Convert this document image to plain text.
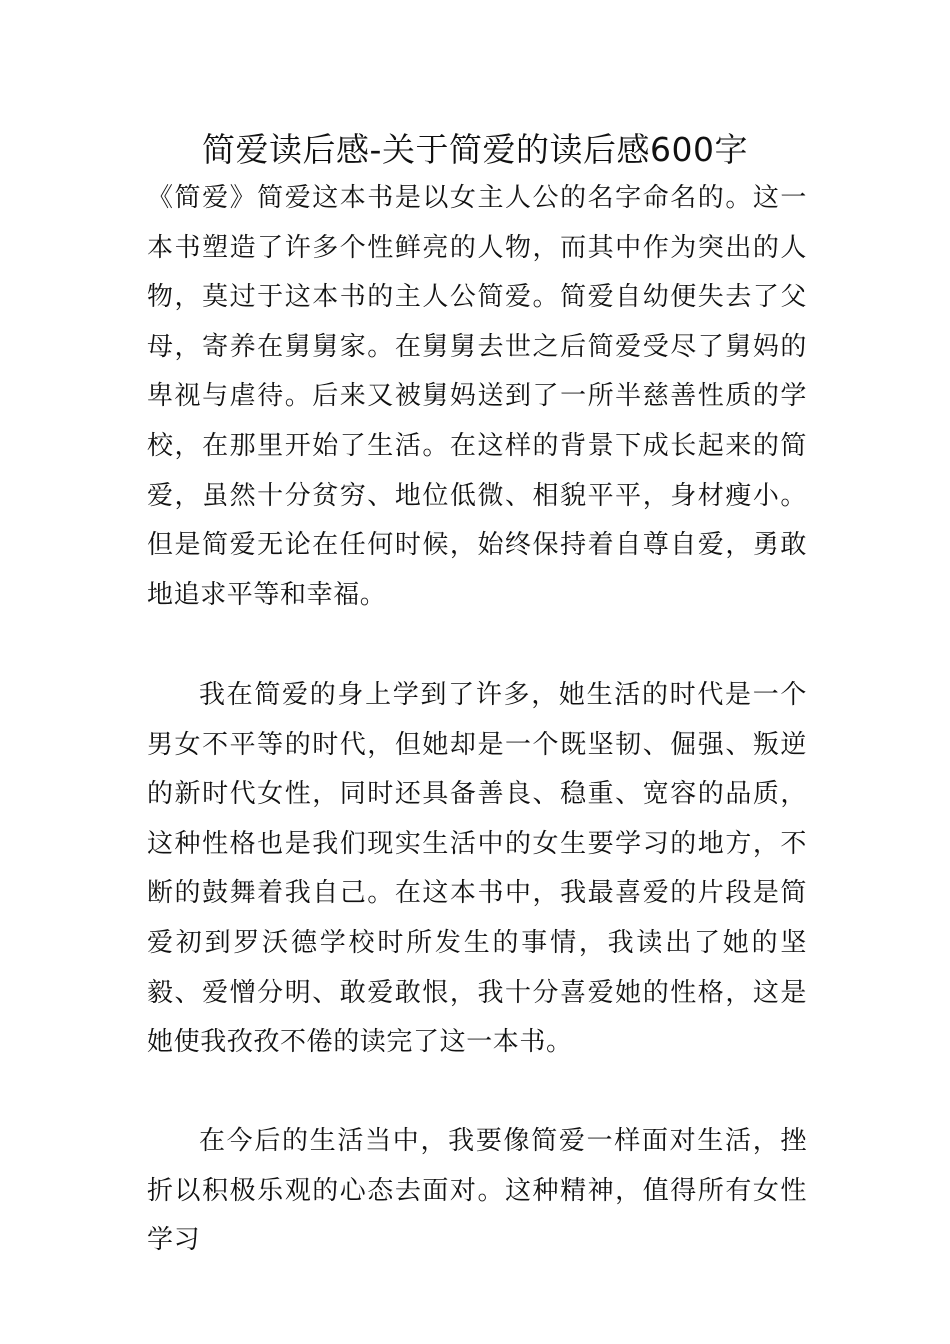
简爱读后感-关于简爱的读后感600字

《简爱》简爱这本书是以女主人公的名字命名的。这一本书塑造了许多个性鲜亮的人物，而其中作为突出的人物，莫过于这本书的主人公简爱。简爱自幼便失去了父母，寄养在舅舅家。在舅舅去世之后简爱受尽了舅妈的卑视与虐待。后来又被舅妈送到了一所半慈善性质的学校，在那里开始了生活。在这样的背景下成长起来的简爱，虽然十分贫穷、地位低微、相貌平平，身材瘦小。但是简爱无论在任何时候，始终保持着自尊自爱，勇敢地追求平等和幸福。

我在简爱的身上学到了许多，她生活的时代是一个男女不平等的时代，但她却是一个既坚韧、倔强、叛逆的新时代女性，同时还具备善良、稳重、宽容的品质，这种性格也是我们现实生活中的女生要学习的地方，不断的鼓舞着我自己。在这本书中，我最喜爱的片段是简爱初到罗沃德学校时所发生的事情，我读出了她的坚毅、爱憎分明、敢爱敢恨，我十分喜爱她的性格，这是她使我孜孜不倦的读完了这一本书。

在今后的生活当中，我要像简爱一样面对生活，挫折以积极乐观的心态去面对。这种精神，值得所有女性学习
